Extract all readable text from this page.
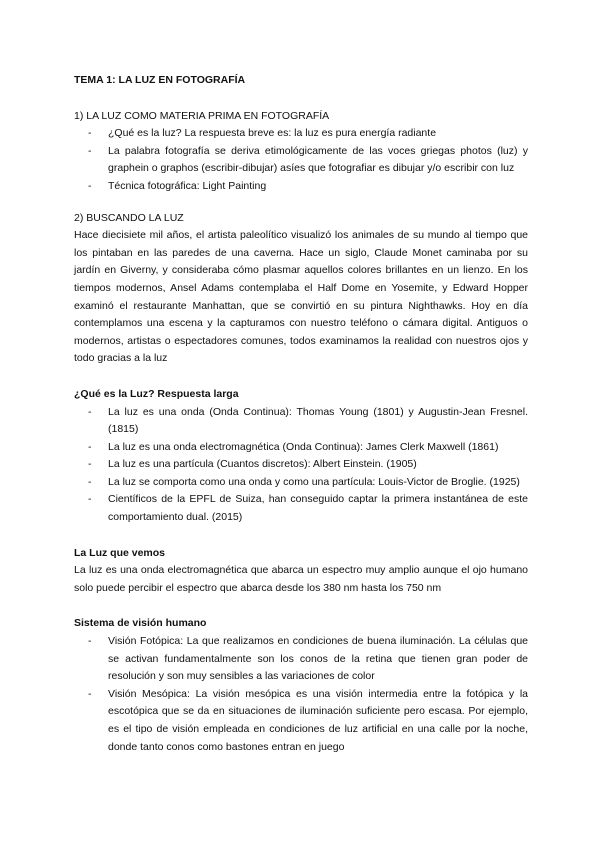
TEMA 1: LA LUZ EN FOTOGRAFÍA

1) LA LUZ COMO MATERIA PRIMA EN FOTOGRAFÍA

- ¿Qué es la luz? La respuesta breve es: la luz es pura energía radiante
- La palabra fotografía se deriva etimológicamente de las voces griegas photos (luz) y graphein o graphos (escribir-dibujar) asíes que fotografiar es dibujar y/o escribir con luz
- Técnica fotográfica: Light Painting

2) BUSCANDO LA LUZ

Hace diecisiete mil años, el artista paleolítico visualizó los animales de su mundo al tiempo que los pintaban en las paredes de una caverna. Hace un siglo, Claude Monet caminaba por su jardín en Giverny, y consideraba cómo plasmar aquellos colores brillantes en un lienzo. En los tiempos modernos, Ansel Adams contemplaba el Half Dome en Yosemite, y Edward Hopper examinó el restaurante Manhattan, que se convirtió en su pintura Nighthawks. Hoy en día contemplamos una escena y la capturamos con nuestro teléfono o cámara digital. Antiguos o modernos, artistas o espectadores comunes, todos examinamos la realidad con nuestros ojos y todo gracias a la luz

¿Qué es la Luz? Respuesta larga

- La luz es una onda (Onda Continua): Thomas Young (1801) y Augustin-Jean Fresnel. (1815)
- La luz es una onda electromagnética (Onda Continua): James Clerk Maxwell (1861)
- La luz es una partícula (Cuantos discretos): Albert Einstein. (1905)
- La luz se comporta como una onda y como una partícula: Louis-Victor de Broglie. (1925)
- Científicos de la EPFL de Suiza, han conseguido captar la primera instantánea de este comportamiento dual. (2015)

La Luz que vemos

La luz es una onda electromagnética que abarca un espectro muy amplio aunque el ojo humano solo puede percibir el espectro que abarca desde los 380 nm hasta los 750 nm

Sistema de visión humano

- Visión Fotópica: La que realizamos en condiciones de buena iluminación. La células que se activan fundamentalmente son los conos de la retina que tienen gran poder de resolución y son muy sensibles a las variaciones de color
- Visión Mesópica: La visión mesópica es una visión intermedia entre la fotópica y la escotópica que se da en situaciones de iluminación suficiente pero escasa. Por ejemplo, es el tipo de visión empleada en condiciones de luz artificial en una calle por la noche, donde tanto conos como bastones entran en juego
